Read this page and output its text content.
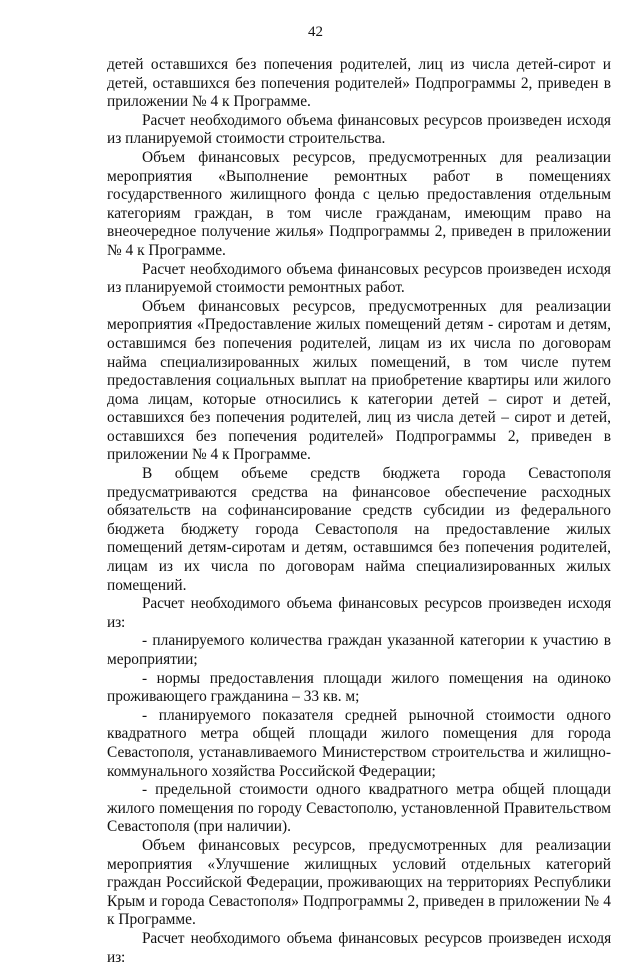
42

детей оставшихся без попечения родителей, лиц из числа детей-сирот и детей, оставшихся без попечения родителей» Подпрограммы 2, приведен в приложении № 4 к Программе.

Расчет необходимого объема финансовых ресурсов произведен исходя из планируемой стоимости строительства.

Объем финансовых ресурсов, предусмотренных для реализации мероприятия «Выполнение ремонтных работ в помещениях государственного жилищного фонда с целью предоставления отдельным категориям граждан, в том числе гражданам, имеющим право на внеочередное получение жилья» Подпрограммы 2, приведен в приложении № 4 к Программе.

Расчет необходимого объема финансовых ресурсов произведен исходя из планируемой стоимости ремонтных работ.

Объем финансовых ресурсов, предусмотренных для реализации мероприятия «Предоставление жилых помещений детям - сиротам и детям, оставшимся без попечения родителей, лицам из их числа по договорам найма специализированных жилых помещений, в том числе путем предоставления социальных выплат на приобретение квартиры или жилого дома лицам, которые относились к категории детей – сирот и детей, оставшихся без попечения родителей, лиц из числа детей – сирот и детей, оставшихся без попечения родителей» Подпрограммы 2, приведен в приложении № 4 к Программе.

В общем объеме средств бюджета города Севастополя предусматриваются средства на финансовое обеспечение расходных обязательств на софинансирование средств субсидии из федерального бюджета бюджету города Севастополя на предоставление жилых помещений детям-сиротам и детям, оставшимся без попечения родителей, лицам из их числа по договорам найма специализированных жилых помещений.

Расчет необходимого объема финансовых ресурсов произведен исходя из:

- планируемого количества граждан указанной категории к участию в мероприятии;

- нормы предоставления площади жилого помещения на одиноко проживающего гражданина – 33 кв. м;

- планируемого показателя средней рыночной стоимости одного квадратного метра общей площади жилого помещения для города Севастополя, устанавливаемого Министерством строительства и жилищно-коммунального хозяйства Российской Федерации;

- предельной стоимости одного квадратного метра общей площади жилого помещения по городу Севастополю, установленной Правительством Севастополя (при наличии).

Объем финансовых ресурсов, предусмотренных для реализации мероприятия «Улучшение жилищных условий отдельных категорий граждан Российской Федерации, проживающих на территориях Республики Крым и города Севастополя» Подпрограммы 2, приведен в приложении № 4 к Программе.

Расчет необходимого объема финансовых ресурсов произведен исходя из:
